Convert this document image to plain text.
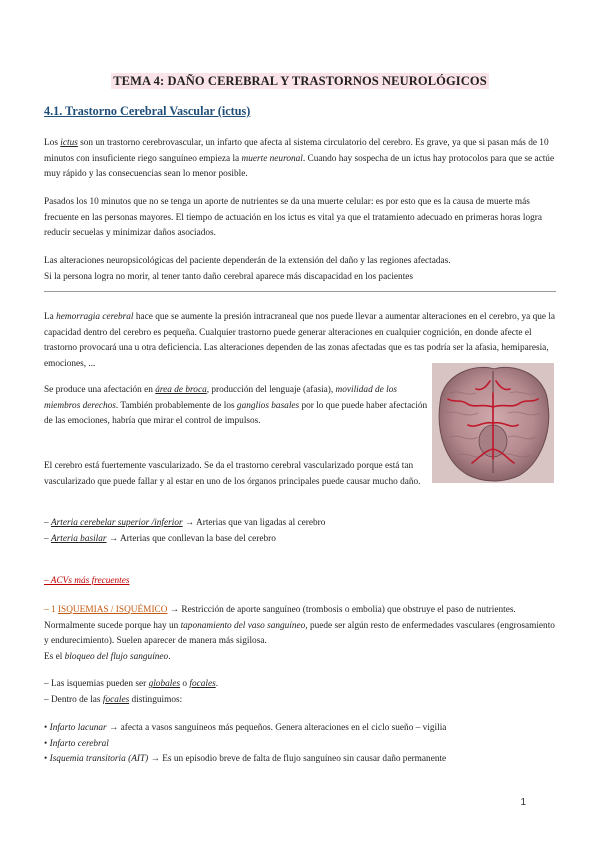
TEMA 4: DAÑO CEREBRAL Y TRASTORNOS NEUROLÓGICOS
4.1. Trastorno Cerebral Vascular (ictus)

Los ictus son un trastorno cerebrovascular, un infarto que afecta al sistema circulatorio del cerebro. Es grave, ya que si pasan más de 10 minutos con insuficiente riego sanguíneo empieza la muerte neuronal. Cuando hay sospecha de un ictus hay protocolos para que se actúe muy rápido y las consecuencias sean lo menor posible.

Pasados los 10 minutos que no se tenga un aporte de nutrientes se da una muerte celular: es por esto que es la causa de muerte más frecuente en las personas mayores. El tiempo de actuación en los ictus es vital ya que el tratamiento adecuado en primeras horas logra reducir secuelas y minimizar daños asociados.

Las alteraciones neuropsicológicas del paciente dependerán de la extensión del daño y las regiones afectadas.
Si la persona logra no morir, al tener tanto daño cerebral aparece más discapacidad en los pacientes

La hemorragia cerebral hace que se aumente la presión intracraneal que nos puede llevar a aumentar alteraciones en el cerebro, ya que la capacidad dentro del cerebro es pequeña. Cualquier trastorno puede generar alteraciones en cualquier cognición, en donde afecte el trastorno provocará una u otra deficiencia. Las alteraciones dependen de las zonas afectadas que es tas podría ser la afasia, hemiparesia, emociones, ...

Se produce una afectación en área de broca, producción del lenguaje (afasia), movilidad de los miembros derechos. También probablemente de los ganglios basales por lo que puede haber afectación de las emociones, habría que mirar el control de impulsos.

El cerebro está fuertemente vascularizado. Se da el trastorno cerebral vascularizado porque está tan vascularizado que puede fallar y al estar en uno de los órganos principales puede causar mucho daño.

– Arteria cerebelar superior /inferior → Arterias que van ligadas al cerebro
– Arteria basilar → Arterias que conllevan la base del cerebro

– ACVs más frecuentes

– 1 ISQUEMIAS / ISQUÉMICO → Restricción de aporte sanguíneo (trombosis o embolia) que obstruye el paso de nutrientes. Normalmente sucede porque hay un taponamiento del vaso sanguíneo, puede ser algún resto de enfermedades vasculares (engrosamiento y endurecimiento). Suelen aparecer de manera más sigilosa.
Es el bloqueo del flujo sanguíneo.

– Las isquemias pueden ser globales o focales.
– Dentro de las focales distinguimos:

• Infarto lacunar → afecta a vasos sanguíneos más pequeños. Genera alteraciones en el ciclo sueño – vigilia
• Infarto cerebral
• Isquemia transitoria (AIT) → Es un episodio breve de falta de flujo sanguíneo sin causar daño permanente

1
